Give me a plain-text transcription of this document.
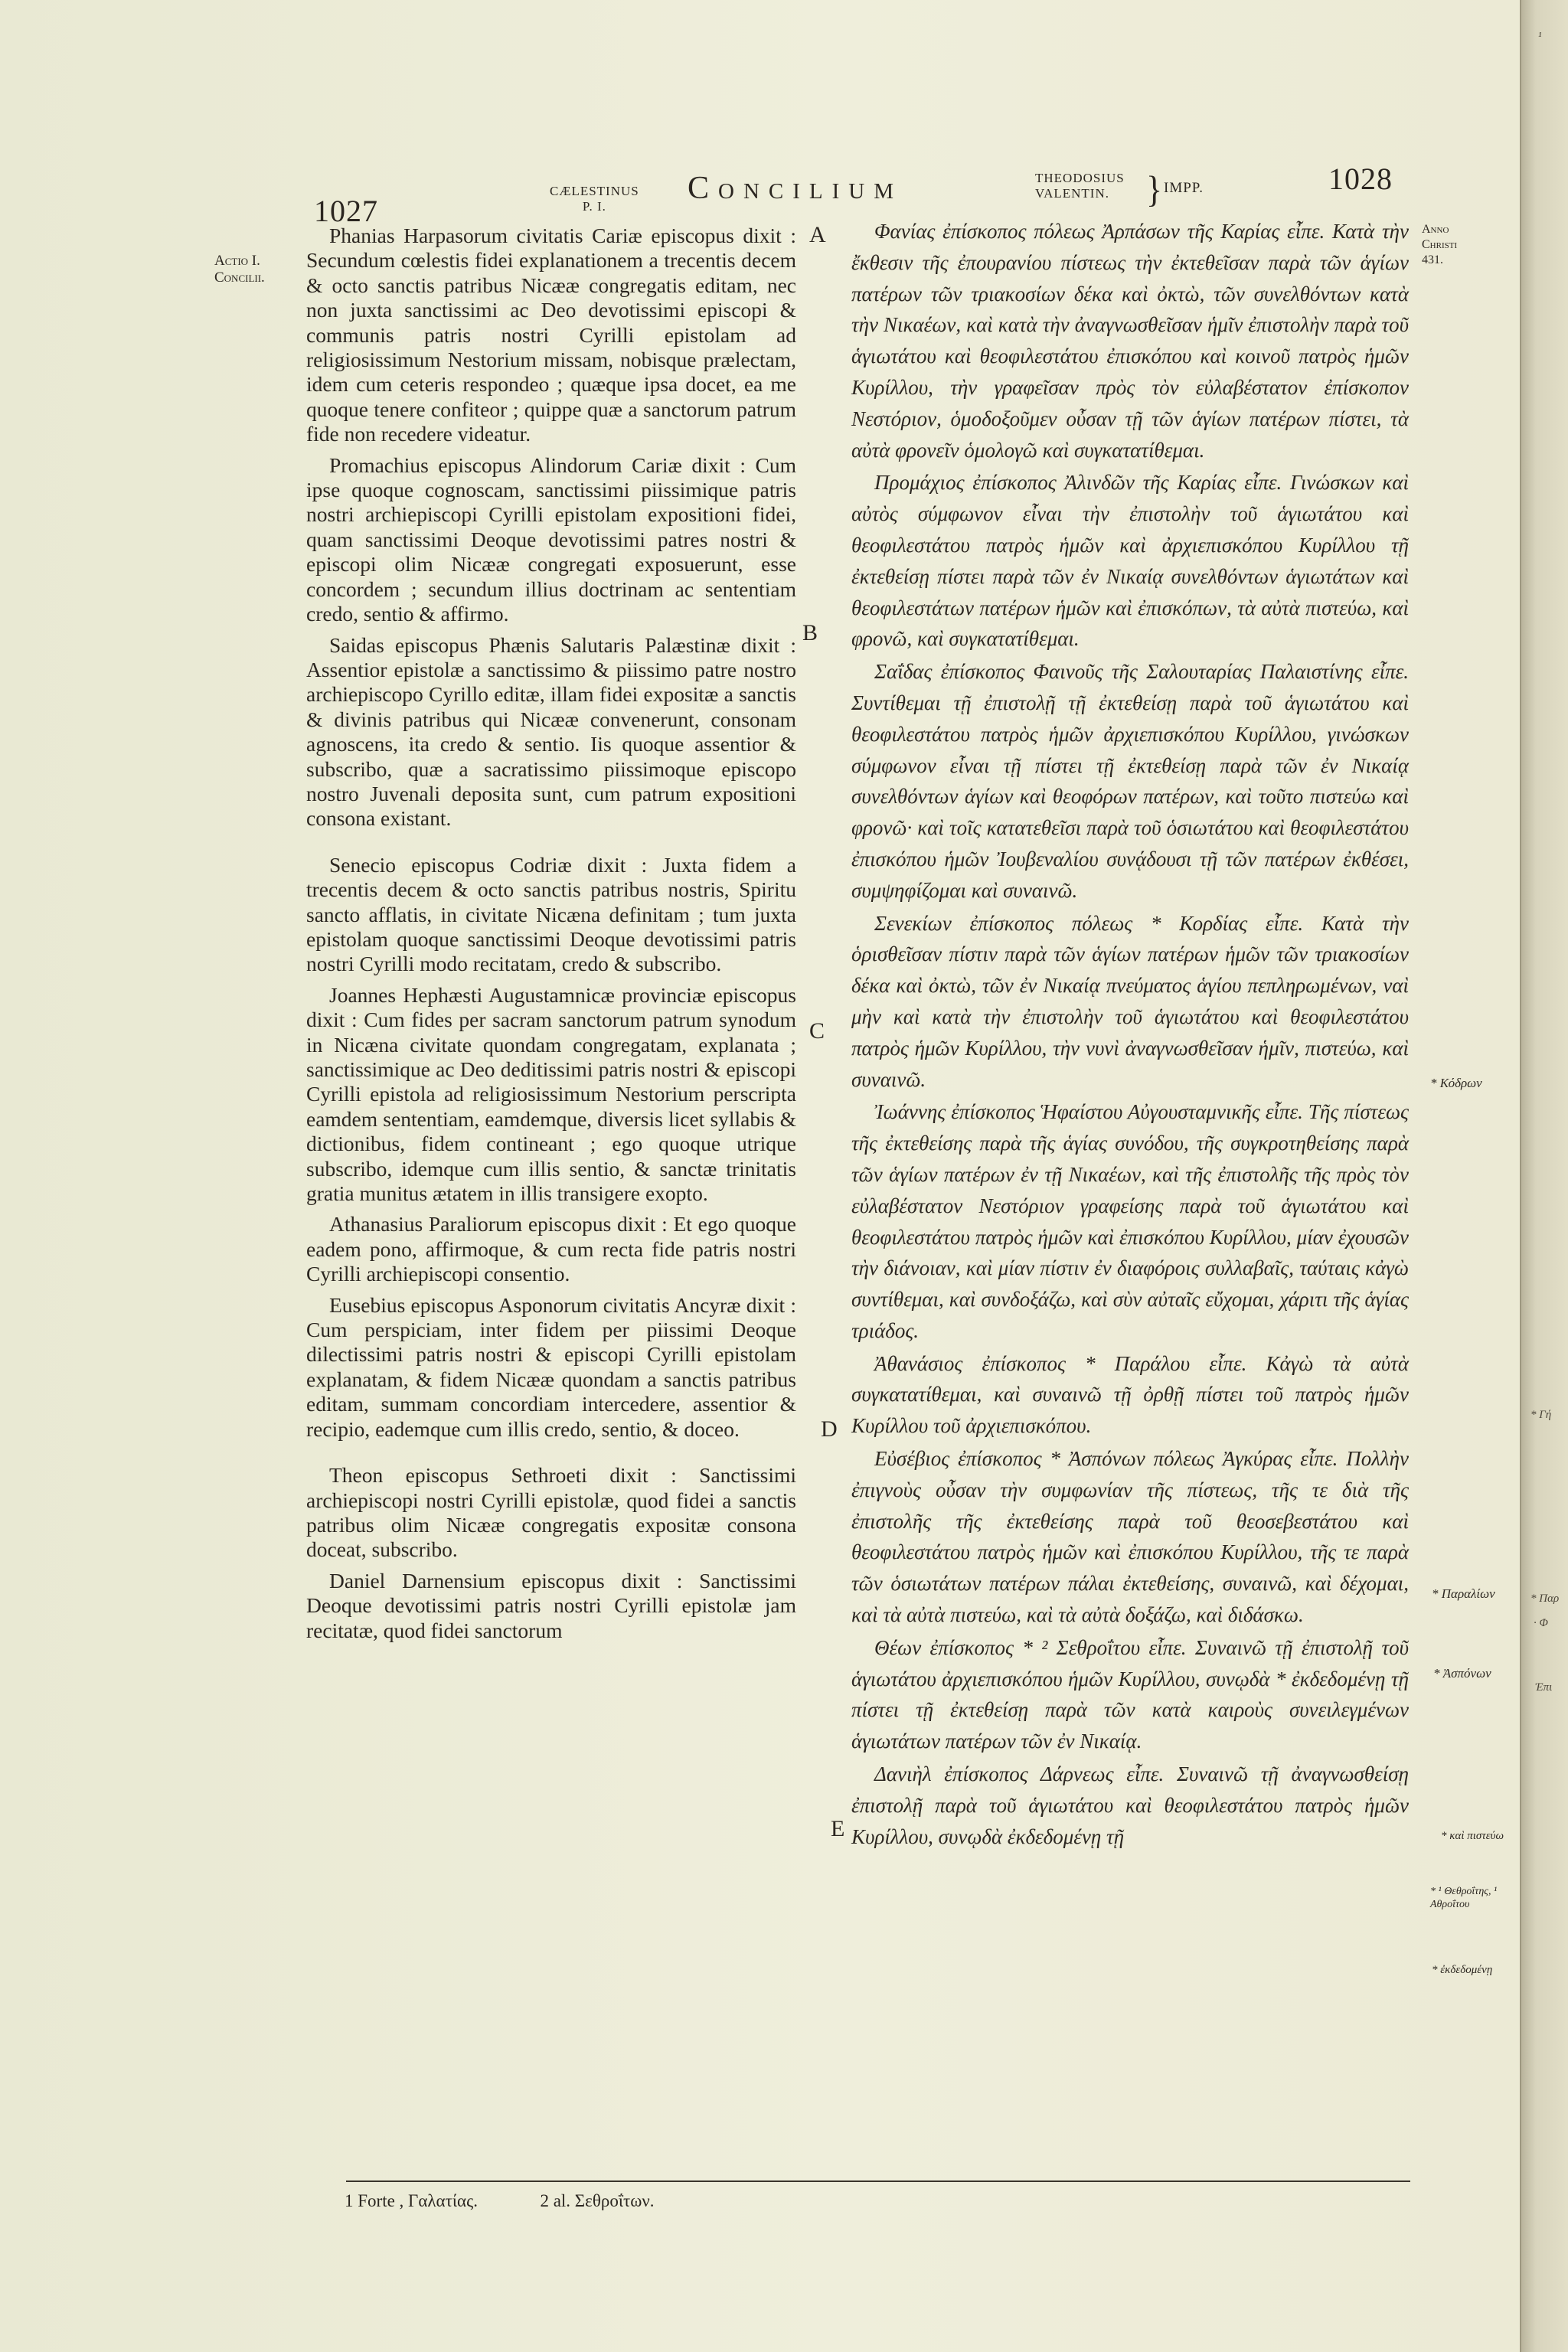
1027
CÆLESTINUS
P. I.
Concilium	THEODOSIUS
VALENTIN.	} IMPP.	1028
Actio I.
Concilii.
Anno
Christi
431.
A
B
C
D
E

Phanias Harpasorum civitatis Cariæ episcopus dixit : Secundum cœlestis fidei explanationem a trecentis decem & octo sanctis patribus Nicææ congregatis editam, nec non juxta sanctissimi ac Deo devotissimi episcopi & communis patris nostri Cyrilli epistolam ad religiosissimum Nestorium missam, nobisque prælectam, idem cum ceteris respondeo ; quæque ipsa docet, ea me quoque tenere confiteor ; quippe quæ a sanctorum patrum fide non recedere videatur.

Promachius episcopus Alindorum Cariæ dixit : Cum ipse quoque cognoscam, sanctissimi piissimique patris nostri archiepiscopi Cyrilli epistolam expositioni fidei, quam sanctissimi Deoque devotissimi patres nostri & episcopi olim Nicææ congregati exposuerunt, esse concordem ; secundum illius doctrinam ac sententiam credo, sentio & affirmo.

Saidas episcopus Phænis Salutaris Palæstinæ dixit : Assentior epistolæ a sanctissimo & piissimo patre nostro archiepiscopo Cyrillo editæ, illam fidei expositæ a sanctis & divinis patribus qui Nicææ convenerunt, consonam agnoscens, ita credo & sentio. Iis quoque assentior & subscribo, quæ a sacratissimo piissimoque episcopo nostro Juvenali deposita sunt, cum patrum expositioni consona existant.

Senecio episcopus Codriæ dixit : Juxta fidem a trecentis decem & octo sanctis patribus nostris, Spiritu sancto afflatis, in civitate Nicæna definitam ; tum juxta epistolam quoque sanctissimi Deoque devotissimi patris nostri Cyrilli modo recitatam, credo & subscribo.

Joannes Hephæsti Augustamnicæ provinciæ episcopus dixit : Cum fides per sacram sanctorum patrum synodum in Nicæna civitate quondam congregatam, explanata ; sanctissimique ac Deo deditissimi patris nostri & episcopi Cyrilli epistola ad religiosissimum Nestorium perscripta eamdem sententiam, eamdemque, diversis licet syllabis & dictionibus, fidem contineant ; ego quoque utrique subscribo, idemque cum illis sentio, & sanctæ trinitatis gratia munitus ætatem in illis transigere exopto.

Athanasius Paraliorum episcopus dixit : Et ego quoque eadem pono, affirmoque, & cum recta fide patris nostri Cyrilli archiepiscopi consentio.

Eusebius episcopus Asponorum civitatis Ancyræ dixit : Cum perspiciam, inter fidem per piissimi Deoque dilectissimi patris nostri & episcopi Cyrilli epistolam explanatam, & fidem Nicææ quondam a sanctis patribus editam, summam concordiam intercedere, assentior & recipio, eademque cum illis credo, sentio, & doceo.

Theon episcopus Sethroeti dixit : Sanctissimi archiepiscopi nostri Cyrilli epistolæ, quod fidei a sanctis patribus olim Nicææ congregatis expositæ consona doceat, subscribo.

Daniel Darnensium episcopus dixit : Sanctissimi Deoque devotissimi patris nostri Cyrilli epistolæ jam recitatæ, quod fidei sanctorum

Φανίας ἐπίσκοπος πόλεως Ἀρπάσων τῆς Καρίας εἶπε. Κατὰ τὴν ἔκθεσιν τῆς ἐπουρανίου πίστεως τὴν ἐκτεθεῖσαν παρὰ τῶν ἁγίων πατέρων τῶν τριακοσίων δέκα καὶ ὀκτὼ, τῶν συνελθόντων κατὰ τὴν Νικαέων, καὶ κατὰ τὴν ἀναγνωσθεῖσαν ἡμῖν ἐπιστολὴν παρὰ τοῦ ἁγιωτάτου καὶ θεοφιλεστάτου ἐπισκόπου καὶ κοινοῦ πατρὸς ἡμῶν Κυρίλλου, τὴν γραφεῖσαν πρὸς τὸν εὐλαβέστατον ἐπίσκοπον Νεστόριον, ὁμοδοξοῦμεν οὖσαν τῇ τῶν ἁγίων πατέρων πίστει, τὰ αὐτὰ φρονεῖν ὁμολογῶ καὶ συγκατατίθεμαι.

Προμάχιος ἐπίσκοπος Ἀλινδῶν τῆς Καρίας εἶπε. Γινώσκων καὶ αὐτὸς σύμφωνον εἶναι τὴν ἐπιστολὴν τοῦ ἁγιωτάτου καὶ θεοφιλεστάτου πατρὸς ἡμῶν καὶ ἀρχιεπισκόπου Κυρίλλου τῇ ἐκτεθείσῃ πίστει παρὰ τῶν ἐν Νικαίᾳ συνελθόντων ἁγιωτάτων καὶ θεοφιλεστάτων πατέρων ἡμῶν καὶ ἐπισκόπων, τὰ αὐτὰ πιστεύω, καὶ φρονῶ, καὶ συγκατατίθεμαι.

Σαΐδας ἐπίσκοπος Φαινοῦς τῆς Σαλουταρίας Παλαιστίνης εἶπε. Συντίθεμαι τῇ ἐπιστολῇ τῇ ἐκτεθείσῃ παρὰ τοῦ ἁγιωτάτου καὶ θεοφιλεστάτου πατρὸς ἡμῶν ἀρχιεπισκόπου Κυρίλλου, γινώσκων σύμφωνον εἶναι τῇ πίστει τῇ ἐκτεθείσῃ παρὰ τῶν ἐν Νικαίᾳ συνελθόντων ἁγίων καὶ θεοφόρων πατέρων, καὶ τοῦτο πιστεύω καὶ φρονῶ· καὶ τοῖς κατατεθεῖσι παρὰ τοῦ ὁσιωτάτου καὶ θεοφιλεστάτου ἐπισκόπου ἡμῶν Ἰουβεναλίου συνᾴδουσι τῇ τῶν πατέρων ἐκθέσει, συμψηφίζομαι καὶ συναινῶ.

Σενεκίων ἐπίσκοπος πόλεως * Κορδίας εἶπε. Κατὰ τὴν ὁρισθεῖσαν πίστιν παρὰ τῶν ἁγίων πατέρων ἡμῶν τῶν τριακοσίων δέκα καὶ ὀκτὼ, τῶν ἐν Νικαίᾳ πνεύματος ἁγίου πεπληρωμένων, ναὶ μὴν καὶ κατὰ τὴν ἐπιστολὴν τοῦ ἁγιωτάτου καὶ θεοφιλεστάτου πατρὸς ἡμῶν Κυρίλλου, τὴν νυνὶ ἀναγνωσθεῖσαν ἡμῖν, πιστεύω, καὶ συναινῶ.

Ἰωάννης ἐπίσκοπος Ἡφαίστου Αὐγουσταμνικῆς εἶπε. Τῆς πίστεως τῆς ἐκτεθείσης παρὰ τῆς ἁγίας συνόδου, τῆς συγκροτηθείσης παρὰ τῶν ἁγίων πατέρων ἐν τῇ Νικαέων, καὶ τῆς ἐπιστολῆς τῆς πρὸς τὸν εὐλαβέστατον Νεστόριον γραφείσης παρὰ τοῦ ἁγιωτάτου καὶ θεοφιλεστάτου πατρὸς ἡμῶν καὶ ἐπισκόπου Κυρίλλου, μίαν ἐχουσῶν τὴν διάνοιαν, καὶ μίαν πίστιν ἐν διαφόροις συλλαβαῖς, ταύταις κἀγὼ συντίθεμαι, καὶ συνδοξάζω, καὶ σὺν αὐταῖς εὔχομαι, χάριτι τῆς ἁγίας τριάδος.

Ἀθανάσιος ἐπίσκοπος * Παράλου εἶπε. Κἀγὼ τὰ αὐτὰ συγκατατίθεμαι, καὶ συναινῶ τῇ ὀρθῇ πίστει τοῦ πατρὸς ἡμῶν Κυρίλλου τοῦ ἀρχιεπισκόπου.

Εὐσέβιος ἐπίσκοπος * Ἀσπόνων πόλεως Ἀγκύρας εἶπε. Πολλὴν ἐπιγνοὺς οὖσαν τὴν συμφωνίαν τῆς πίστεως, τῆς τε διὰ τῆς ἐπιστολῆς τῆς ἐκτεθείσης παρὰ τοῦ θεοσεβεστάτου καὶ θεοφιλεστάτου πατρὸς ἡμῶν καὶ ἐπισκόπου Κυρίλλου, τῆς τε παρὰ τῶν ὁσιωτάτων πατέρων πάλαι ἐκτεθείσης, συναινῶ, καὶ δέχομαι, καὶ τὰ αὐτὰ πιστεύω, καὶ τὰ αὐτὰ δοξάζω, καὶ διδάσκω.

Θέων ἐπίσκοπος * ² Σεθροΐτου εἶπε. Συναινῶ τῇ ἐπιστολῇ τοῦ ἁγιωτάτου ἀρχιεπισκόπου ἡμῶν Κυρίλλου, συνῳδὰ * ἐκδεδομένῃ τῇ πίστει τῇ ἐκτεθείσῃ παρὰ τῶν κατὰ καιροὺς συνειλεγμένων ἁγιωτάτων πατέρων τῶν ἐν Νικαίᾳ.

Δανιὴλ ἐπίσκοπος Δάρνεως εἶπε. Συναινῶ τῇ ἀναγνωσθείσῃ ἐπιστολῇ παρὰ τοῦ ἁγιωτάτου καὶ θεοφιλεστάτου πατρὸς ἡμῶν Κυρίλλου, συνῳδὰ ἐκδεδομένῃ τῇ

* Κόδρων
* Παραλίων
* Ἀσπόνων
* καὶ πιστεύω
* ¹ Θεθροΐτης, ¹ Αθροΐτου
* ἐκδεδομένῃ
1 Forte , Γαλατίας.	2 al. Σεθροΐτων.
¹
* Γή
* Παρ
· Φ
Ἐπι
